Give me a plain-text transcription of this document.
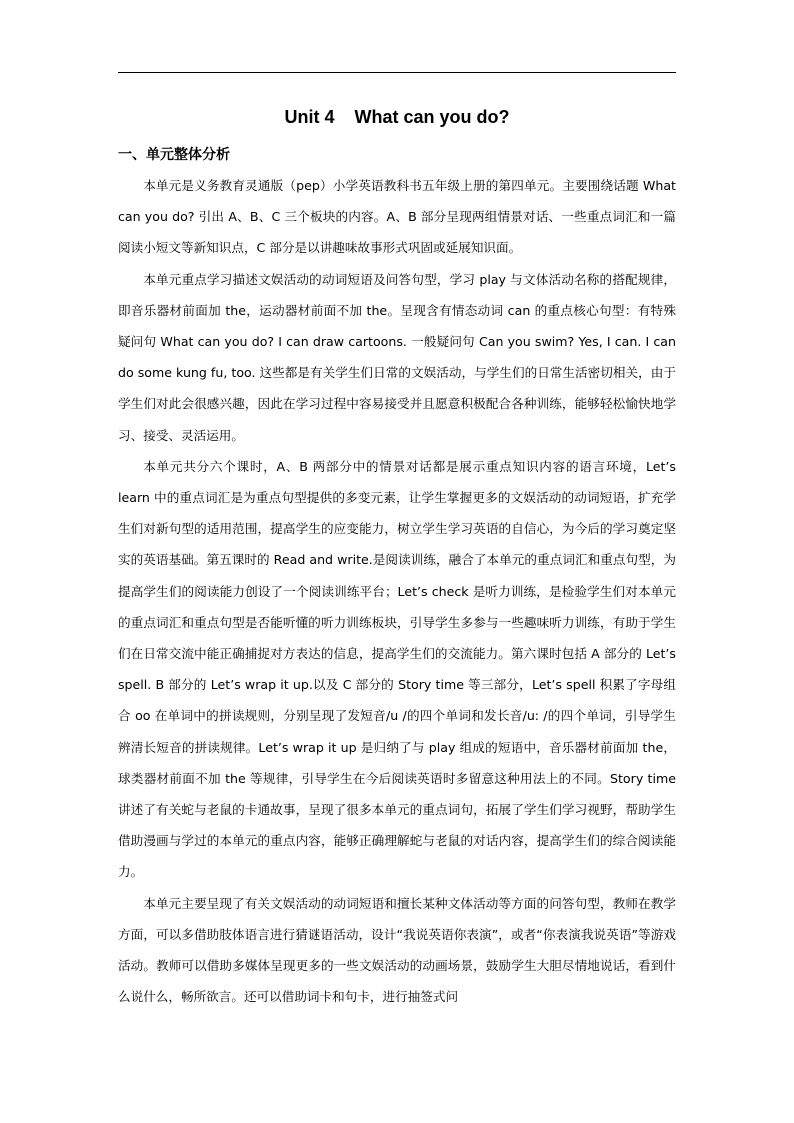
Unit 4    What can you do?
一、单元整体分析

本单元是义务教育灵通版（pep）小学英语教科书五年级上册的第四单元。主要围绕话题 What can you do? 引出 A、B、C 三个板块的内容。A、B 部分呈现两组情景对话、一些重点词汇和一篇阅读小短文等新知识点，C 部分是以讲趣味故事形式巩固或延展知识面。

本单元重点学习描述文娱活动的动词短语及问答句型，学习 play 与文体活动名称的搭配规律，即音乐器材前面加 the，运动器材前面不加 the。呈现含有情态动词 can 的重点核心句型：有特殊疑问句 What can you do? I can draw cartoons. 一般疑问句 Can you swim? Yes, I can. I can do some kung fu, too. 这些都是有关学生们日常的文娱活动，与学生们的日常生活密切相关，由于学生们对此会很感兴趣，因此在学习过程中容易接受并且愿意积极配合各种训练，能够轻松愉快地学习、接受、灵活运用。

本单元共分六个课时，A、B 两部分中的情景对话都是展示重点知识内容的语言环境，Let’s learn 中的重点词汇是为重点句型提供的多变元素，让学生掌握更多的文娱活动的动词短语，扩充学生们对新句型的适用范围，提高学生的应变能力，树立学生学习英语的自信心，为今后的学习奠定坚实的英语基础。第五课时的 Read and write.是阅读训练，融合了本单元的重点词汇和重点句型，为提高学生们的阅读能力创设了一个阅读训练平台；Let’s check 是听力训练，是检验学生们对本单元的重点词汇和重点句型是否能听懂的听力训练板块，引导学生多参与一些趣味听力训练，有助于学生们在日常交流中能正确捕捉对方表达的信息，提高学生们的交流能力。第六课时包括 A 部分的 Let’s spell. B 部分的 Let’s wrap it up.以及 C 部分的 Story time 等三部分，Let’s spell 积累了字母组合 oo 在单词中的拼读规则，分别呈现了发短音/u /的四个单词和发长音/u: /的四个单词，引导学生辨清长短音的拼读规律。Let’s wrap it up 是归纳了与 play 组成的短语中，音乐器材前面加 the，球类器材前面不加 the 等规律，引导学生在今后阅读英语时多留意这种用法上的不同。Story time 讲述了有关蛇与老鼠的卡通故事，呈现了很多本单元的重点词句，拓展了学生们学习视野，帮助学生借助漫画与学过的本单元的重点内容，能够正确理解蛇与老鼠的对话内容，提高学生们的综合阅读能力。

本单元主要呈现了有关文娱活动的动词短语和擅长某种文体活动等方面的问答句型，教师在教学方面，可以多借助肢体语言进行猜谜语活动，设计“我说英语你表演”，或者“你表演我说英语”等游戏活动。教师可以借助多媒体呈现更多的一些文娱活动的动画场景，鼓励学生大胆尽情地说话，看到什么说什么，畅所欲言。还可以借助词卡和句卡，进行抽签式问
